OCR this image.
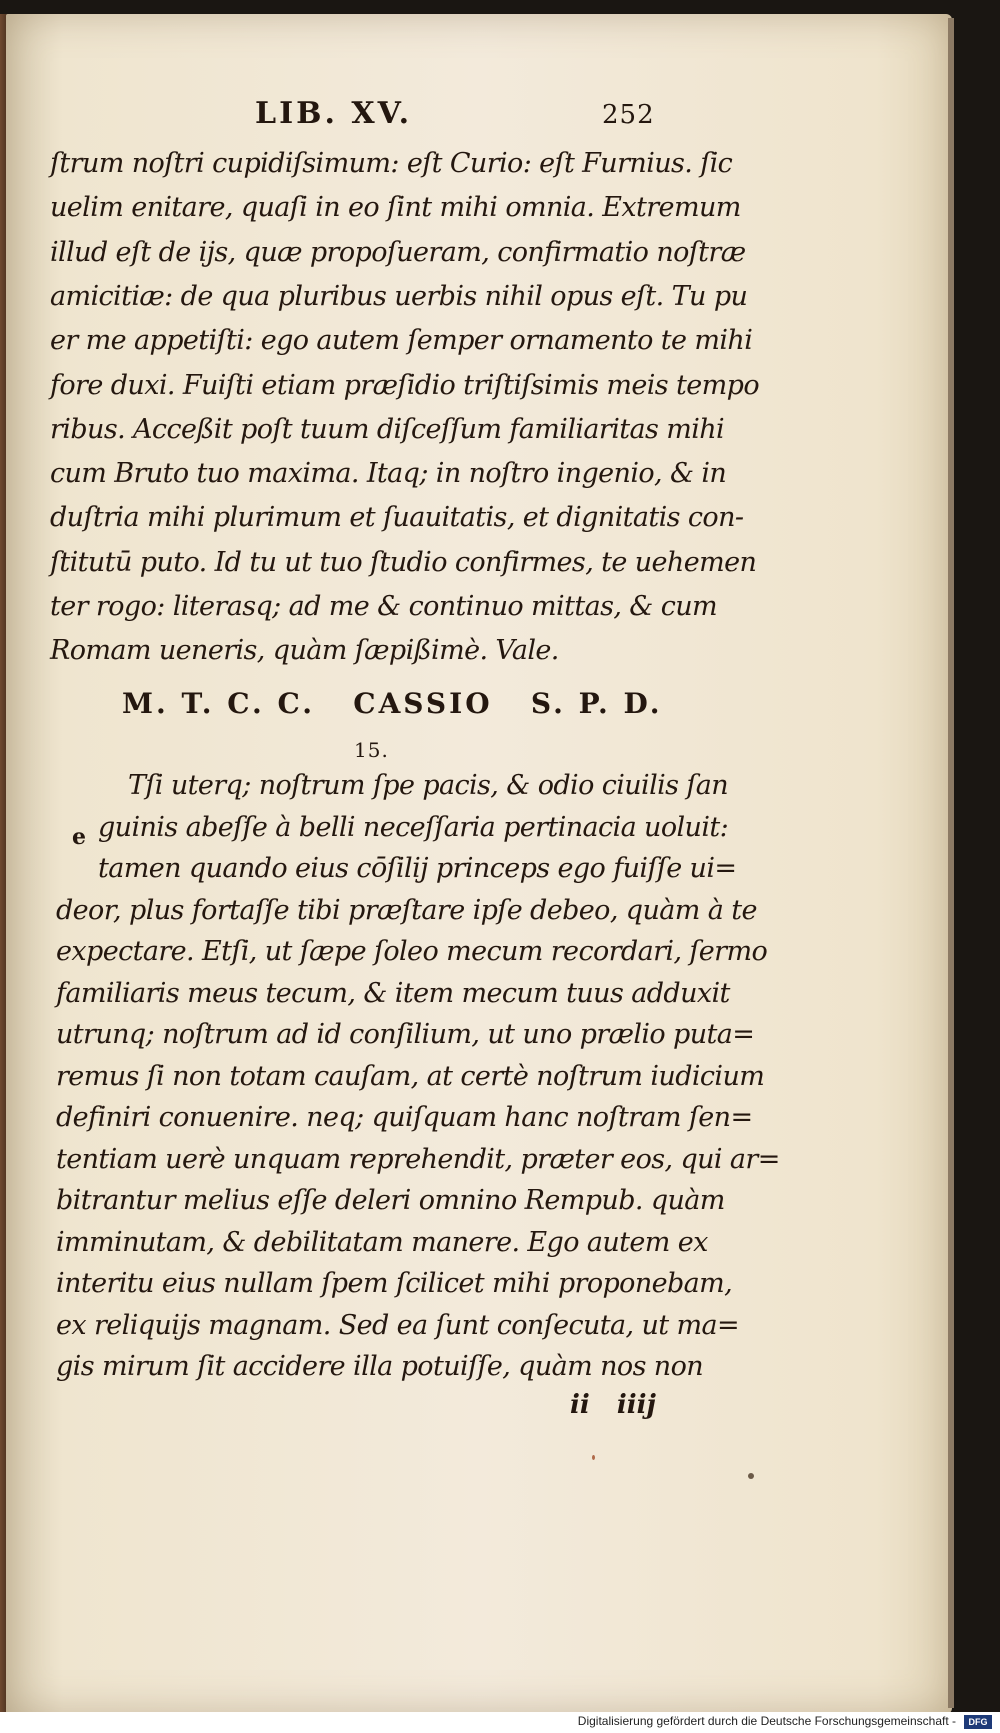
LIB. XV.	252
ſtrum noſtri cupidiſsimum: eſt Curio: eſt Furnius. ſic
uelim enitare, quaſi in eo ſint mihi omnia. Extremum
illud eſt de ijs, quæ propoſueram, confirmatio noſtræ
amicitiæ: de qua pluribus uerbis nihil opus eſt. Tu pu
er me appetiſti: ego autem ſemper ornamento te mihi
fore duxi. Fuiſti etiam præſidio triſtiſsimis meis tempo
ribus. Acceßit poſt tuum diſceſſum familiaritas mihi
cum Bruto tuo maxima. Itaq; in noſtro ingenio, & in
duſtria mihi plurimum et ſuauitatis, et dignitatis con-
ſtitutū puto. Id tu ut tuo ſtudio confirmes, te uehemen
ter rogo: literasq; ad me & continuo mittas, & cum
Romam ueneris, quàm ſæpißimè. Vale.
M. T. C. C.   CASSIO   S. P. D.
15.
e
Tſi uterq; noſtrum ſpe pacis, & odio ciuilis ſan
guinis abeſſe à belli neceſſaria pertinacia uoluit:
tamen quando eius cōſilij princeps ego fuiſſe ui=
deor, plus fortaſſe tibi præſtare ipſe debeo, quàm à te
expectare. Etſi, ut ſæpe ſoleo mecum recordari, ſermo
familiaris meus tecum, & item mecum tuus adduxit
utrunq; noſtrum ad id conſilium, ut uno prælio puta=
remus ſi non totam cauſam, at certè noſtrum iudicium
definiri conuenire. neq; quiſquam hanc noſtram ſen=
tentiam uerè unquam reprehendit, præter eos, qui ar=
bitrantur melius eſſe deleri omnino Rempub. quàm
imminutam, & debilitatam manere. Ego autem ex
interitu eius nullam ſpem ſcilicet mihi proponebam,
ex reliquijs magnam. Sed ea ſunt conſecuta, ut ma=
gis mirum ſit accidere illa potuiſſe, quàm nos non
ii   iiij
Digitalisierung gefördert durch die Deutsche Forschungsgemeinschaft -	DFG
